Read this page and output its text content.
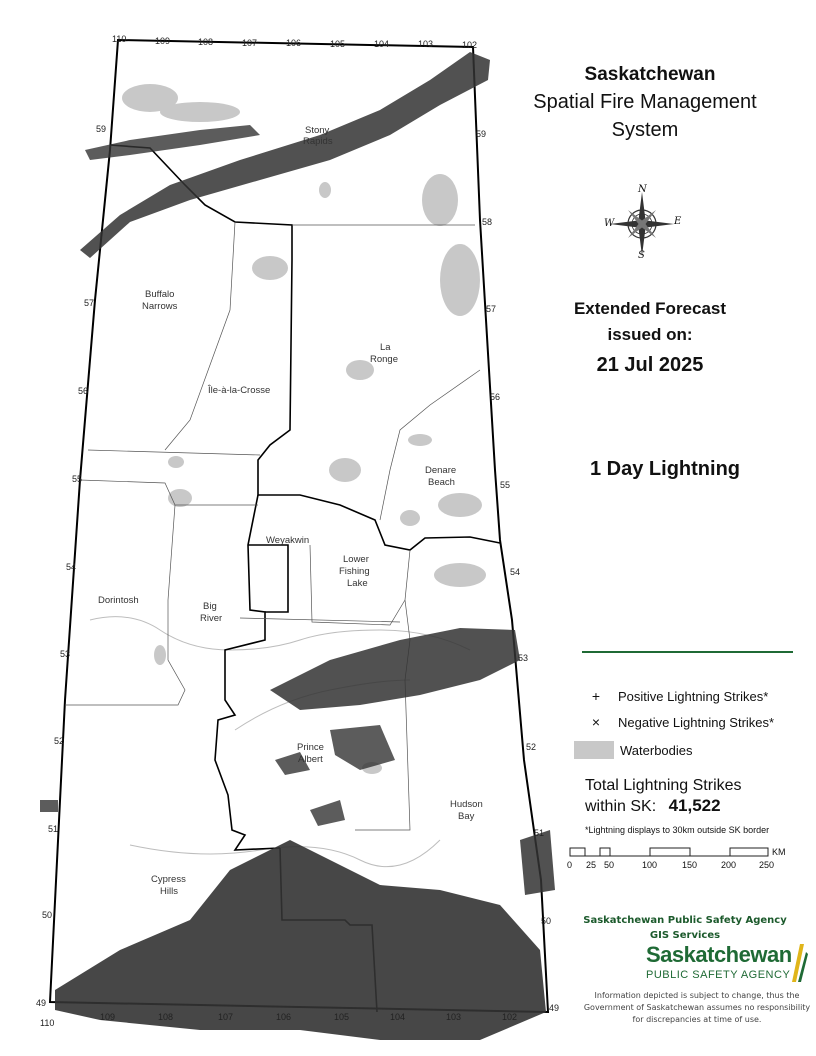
110	109	108	107	106	105	104	103	102
110
109	108	107	106	105	104	103	102
59
57
56
55
54
53
52
51
50
49
59
58
57
56
55
54
53
52
51
50
49
Stony
Rapids
Buffalo
Narrows
La
Ronge
Île-à-la-Crosse
Denare
Beach
Weyakwin
Lower
Fishing
Lake
Dorintosh
Big
River
Prince
Albert
Hudson
Bay
Cypress
Hills
N
E
S
W
Saskatchewan
Spatial Fire Management
System
Extended Forecast
issued on:
21 Jul 2025
1 Day Lightning
+	Positive Lightning Strikes*
×	Negative Lightning Strikes*
Waterbodies
Total Lightning Strikes
within SK: 41,522
*Lightning displays to 30km outside SK border
0 25 50	100	150	200	250
KM
Saskatchewan Public Safety Agency
GIS Services
Saskatchewan
PUBLIC SAFETY AGENCY
Information depicted is subject to change, thus the Government of Saskatchewan assumes no responsibility for discrepancies at time of use.
